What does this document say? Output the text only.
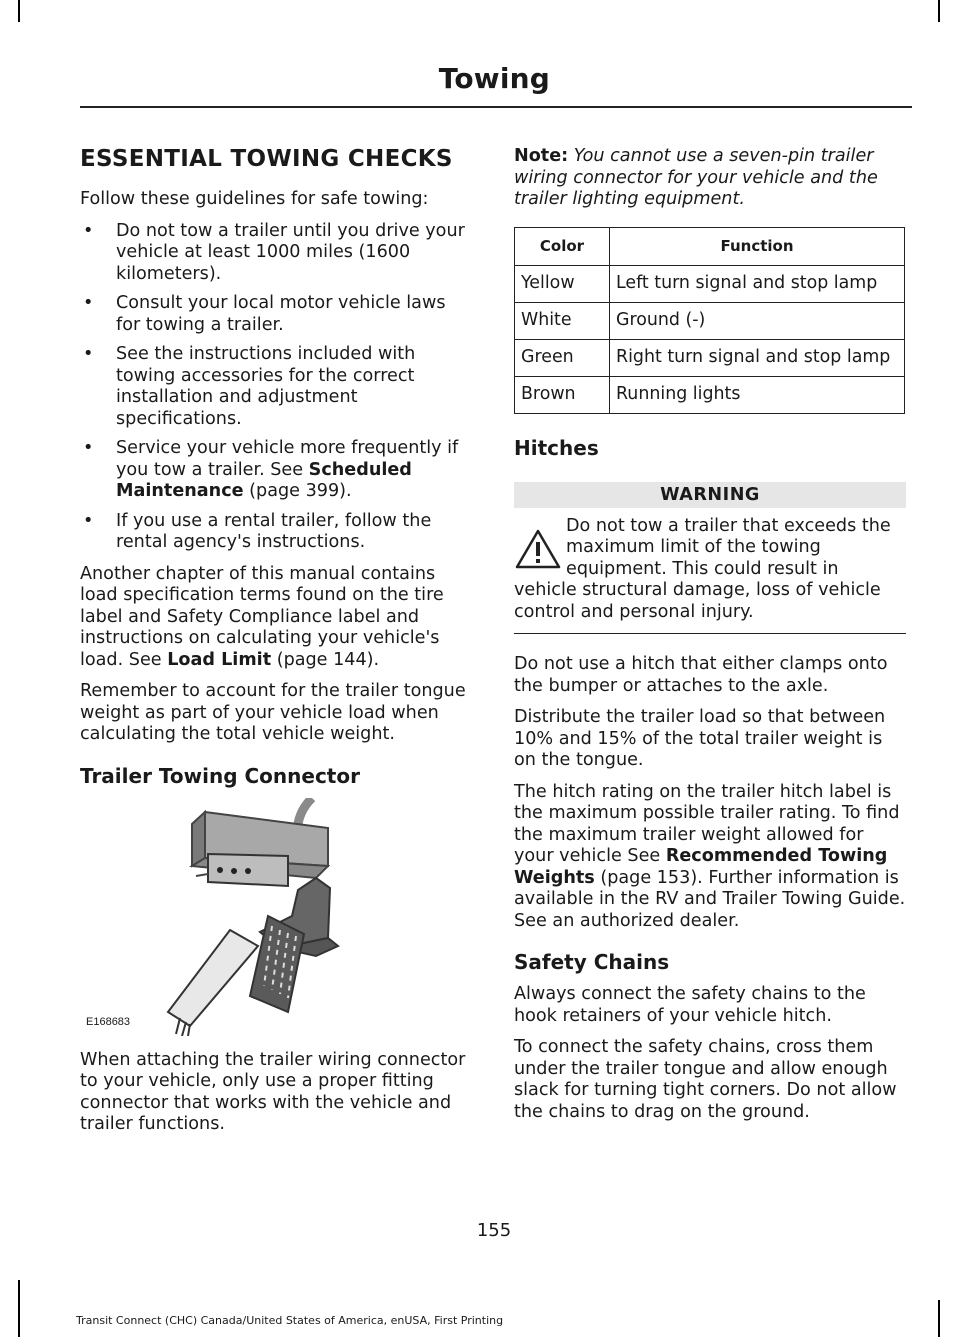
Towing
ESSENTIAL TOWING CHECKS

Follow these guidelines for safe towing:

• Do not tow a trailer until you drive your vehicle at least 1000 miles (1600 kilometers).
• Consult your local motor vehicle laws for towing a trailer.
• See the instructions included with towing accessories for the correct installation and adjustment specifications.
• Service your vehicle more frequently if you tow a trailer. See Scheduled Maintenance (page 399).
• If you use a rental trailer, follow the rental agency's instructions.

Another chapter of this manual contains load specification terms found on the tire label and Safety Compliance label and instructions on calculating your vehicle's load. See Load Limit (page 144).

Remember to account for the trailer tongue weight as part of your vehicle load when calculating the total vehicle weight.

Trailer Towing Connector
E168683

When attaching the trailer wiring connector to your vehicle, only use a proper fitting connector that works with the vehicle and trailer functions.

Note: You cannot use a seven-pin trailer wiring connector for your vehicle and the trailer lighting equipment.

Color	Function
Yellow	Left turn signal and stop lamp
White	Ground (-)
Green	Right turn signal and stop lamp
Brown	Running lights
Hitches
WARNING

Do not tow a trailer that exceeds the maximum limit of the towing equipment. This could result in vehicle structural damage, loss of vehicle control and personal injury.

Do not use a hitch that either clamps onto the bumper or attaches to the axle.

Distribute the trailer load so that between 10% and 15% of the total trailer weight is on the tongue.

The hitch rating on the trailer hitch label is the maximum possible trailer rating. To find the maximum trailer weight allowed for your vehicle See Recommended Towing Weights (page 153). Further information is available in the RV and Trailer Towing Guide. See an authorized dealer.

Safety Chains

Always connect the safety chains to the hook retainers of your vehicle hitch.

To connect the safety chains, cross them under the trailer tongue and allow enough slack for turning tight corners. Do not allow the chains to drag on the ground.

155
Transit Connect (CHC) Canada/United States of America, enUSA, First Printing
